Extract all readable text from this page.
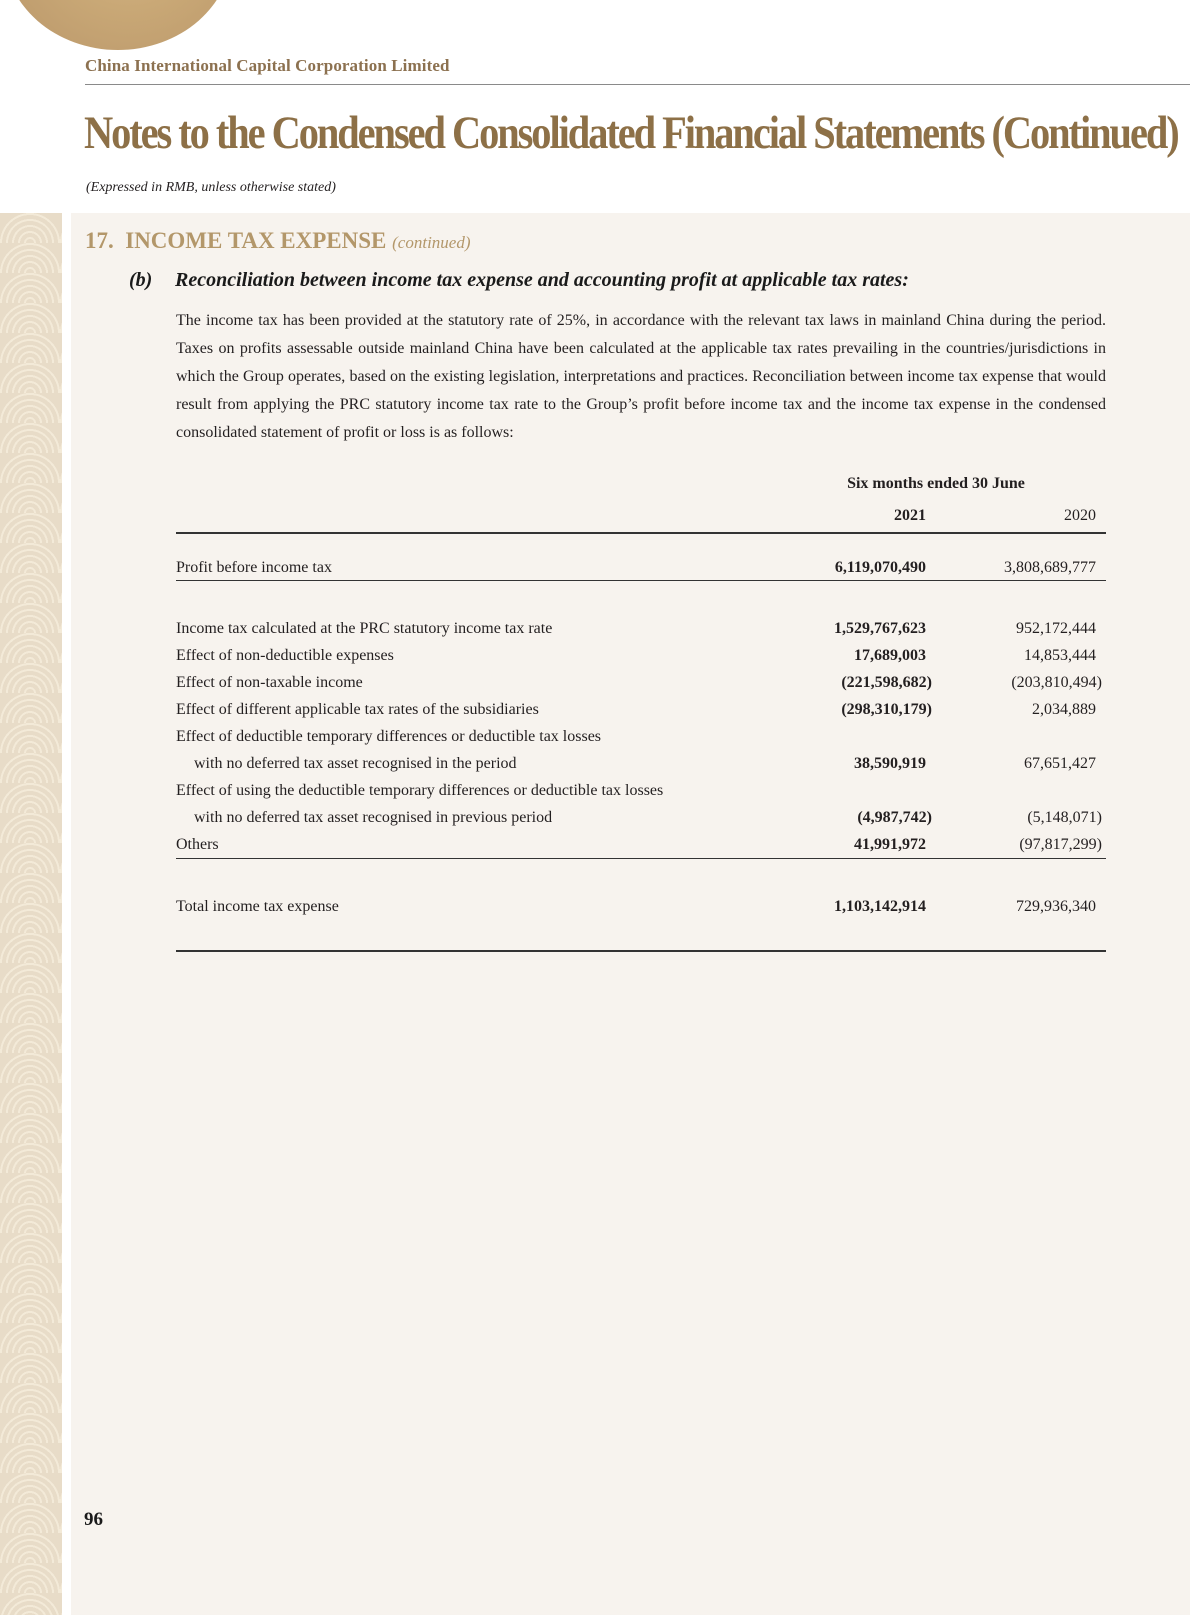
China International Capital Corporation Limited
Notes to the Condensed Consolidated Financial Statements (Continued)
(Expressed in RMB, unless otherwise stated)
17. INCOME TAX EXPENSE (continued)
(b) Reconciliation between income tax expense and accounting profit at applicable tax rates:
The income tax has been provided at the statutory rate of 25%, in accordance with the relevant tax laws in mainland China during the period. Taxes on profits assessable outside mainland China have been calculated at the applicable tax rates prevailing in the countries/jurisdictions in which the Group operates, based on the existing legislation, interpretations and practices. Reconciliation between income tax expense that would result from applying the PRC statutory income tax rate to the Group’s profit before income tax and the income tax expense in the condensed consolidated statement of profit or loss is as follows:
Six months ended 30 June
2021	2020
Profit before income tax	6,119,070,490	3,808,689,777
Income tax calculated at the PRC statutory income tax rate	1,529,767,623	952,172,444
Effect of non-deductible expenses	17,689,003	14,853,444
Effect of non-taxable income	(221,598,682)	(203,810,494)
Effect of different applicable tax rates of the subsidiaries	(298,310,179)	2,034,889
Effect of deductible temporary differences or deductible tax losses
with no deferred tax asset recognised in the period	38,590,919	67,651,427
Effect of using the deductible temporary differences or deductible tax losses
with no deferred tax asset recognised in previous period	(4,987,742)	(5,148,071)
Others	41,991,972	(97,817,299)
Total income tax expense	1,103,142,914	729,936,340
96
